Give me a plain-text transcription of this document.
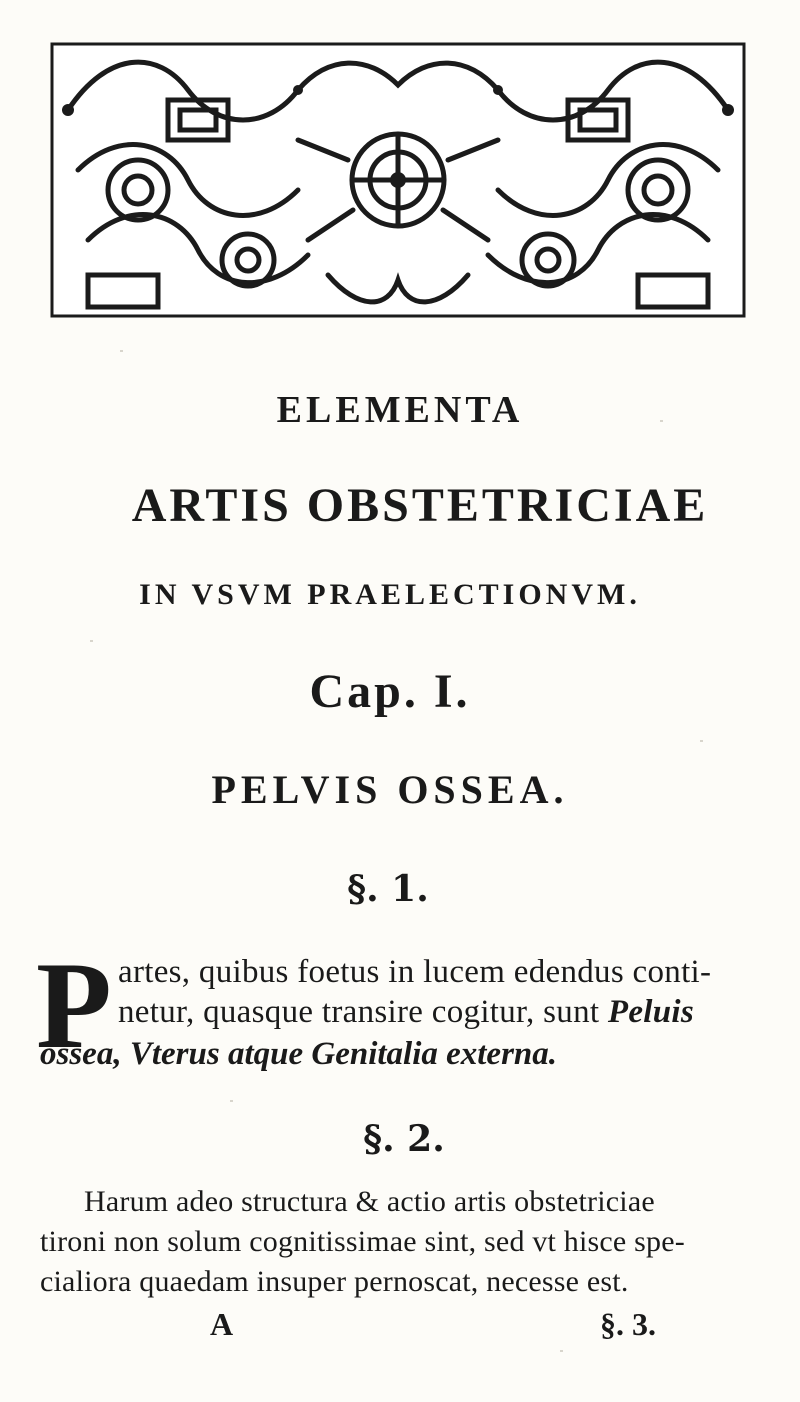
ELEMENTA
ARTIS OBSTETRICIAE
IN VSVM PRAELECTIONVM.
Cap. I.
PELVIS OSSEA.
§. 1.
P artes, quibus foetus in lucem edendus conti-
netur, quasque transire cogitur, sunt Peluis
ossea, Vterus atque Genitalia externa.
§. 2.
Harum adeo structura & actio artis obstetriciae
tironi non solum cognitissimae sint, sed vt hisce spe-
cialiora quaedam insuper pernoscat, necesse est.
A	§. 3.
